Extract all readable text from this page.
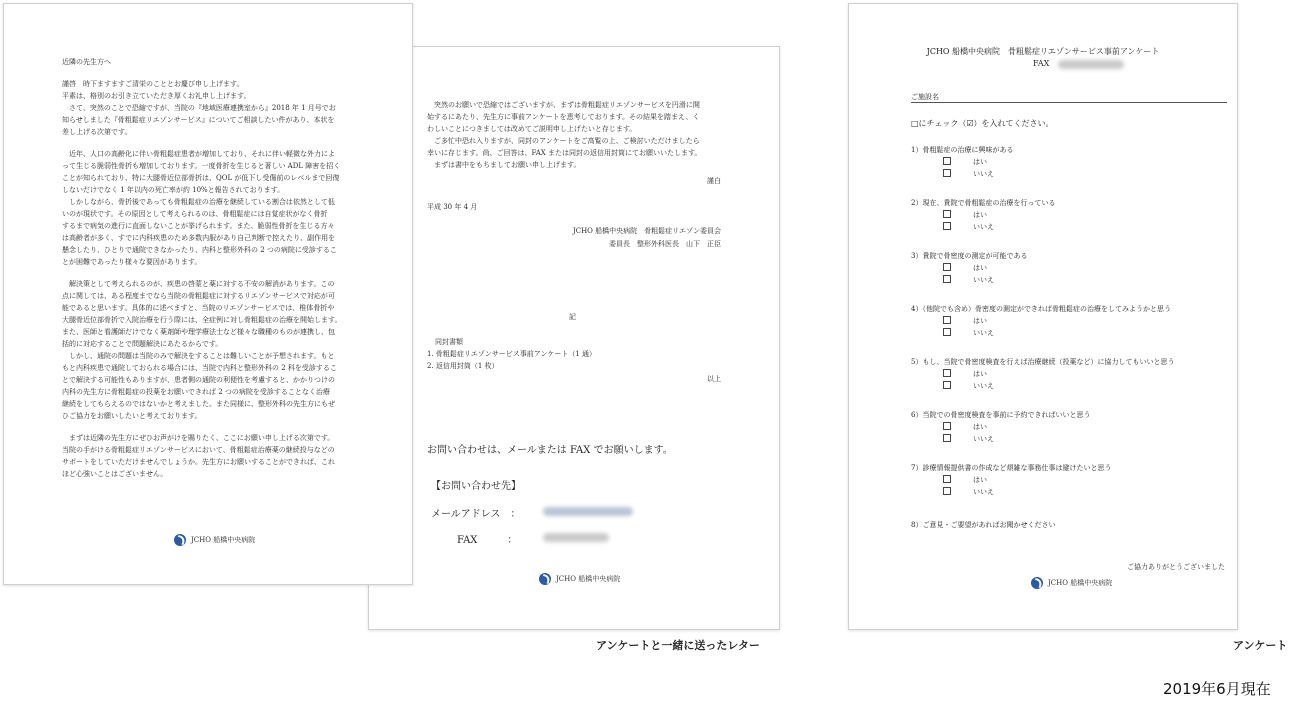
　突然のお願いで恐縮ではございますが、まずは骨粗鬆症リエゾンサービスを円滑に開

始するにあたり、先生方に事前アンケートを恵考しております。その結果を踏まえ、く

わしいことにつきましては改めてご説明申し上げたいと存じます。

　ご多忙中恐れ入りますが、同封のアンケートをご高覧の上、ご検討いただけましたら

幸いに存じます。尚、ご回答は、FAX または同封の返信用封筒にてお願いいたします。

　まずは書中をもちましてお願い申し上げます。

謹白

平成 30 年 4 月

JCHO 船橋中央病院　骨粗鬆症リエゾン委員会

委員長　整形外科医長　山下　正臣

記

同封書類

1. 骨粗鬆症リエゾンサービス事前アンケート（1 通）

2. 返信用封筒（1 枚）

以上

お問い合わせは、メールまたは FAX でお願いします。

【お問い合わせ先】

メールアドレス　：

FAX　　　：

JCHO 船橋中央病院

近隣の先生方へ

謹啓　時下ますますご清栄のこととお慶び申し上げます。

平素は、格別のお引き立ていただき厚くお礼申し上げます。

　さて、突然のことで恐縮ですが、当院の『地域医療連携室から』2018 年 1 月号でお

知らせしました『骨粗鬆症リエゾンサービス』についてご相談したい件があり、本状を

差し上げる次第です。

　近年、人口の高齢化に伴い骨粗鬆症患者が増加しており、それに伴い軽微な外力によ

って生じる脆弱性骨折も増加しております。一度骨折を生じると著しい ADL 障害を招く

ことが知られており、特に大腿骨近位部骨折は、QOL が低下し受傷前のレベルまで回復

しないだけでなく 1 年以内の死亡率が約 10%と報告されております。

　しかしながら、骨折後であっても骨粗鬆症の治療を継続している割合は依然として低

いのが現状です。その原因として考えられるのは、骨粗鬆症には自覚症状がなく骨折

するまで病気の進行に直面しないことが挙げられます。また、脆弱性骨折を生じる方々

は高齢者が多く、すでに内科疾患のため多数内服があり自己判断で控えたり、副作用を

懸念したり、ひとりで通院できなかったり、内科と整形外科の 2 つの病院に受診するこ

とが困難であったり様々な要因があります。

　解決策として考えられるのが、疾患の啓蒙と薬に対する不安の解消があります。この

点に関しては、ある程度までなら当院の骨粗鬆症に対するリエゾンサービスで対応が可

能であると思います。具体的に述べますと、当院のリエゾンサービスでは、椎体骨折や

大腿骨近位部骨折で入院治療を行う際には、全症例に対し骨粗鬆症の治療を開始します。

また、医師と看護師だけでなく薬剤師や理学療法士など様々な職種のものが連携し、包

括的に対応することで問題解決にあたるからです。

　しかし、通院の問題は当院のみで解決をすることは難しいことが予想されます。もと

もと内科疾患で通院しておられる場合には、当院で内科と整形外科の 2 科を受診するこ

とで解決する可能性もありますが、患者側の通院の利便性を考慮すると、かかりつけの

内科の先生方に骨粗鬆症の投薬をお願いできれば 2 つの病院を受診することなく治療

継続をしてもらえるのではないかと考えました。また同様に、整形外科の先生方にもぜ

ひご協力をお願いしたいと考えております。

　まずは近隣の先生方にぜひお声がけを賜りたく、ここにお願い申し上げる次第です。

当院の手がける骨粗鬆症リエゾンサービスにおいて、骨粗鬆症治療薬の継続投与などの

サポートをしていただけませんでしょうか。先生方にお願いすることができれば、これ

ほど心強いことはございません。

JCHO 船橋中央病院

JCHO 船橋中央病院　骨粗鬆症リエゾンサービス事前アンケート

FAX

ご施設名

□にチェック（☑）を入れてください。

1）骨粗鬆症の治療に興味がある

はい

いいえ

2）現在、貴院で骨粗鬆症の治療を行っている

はい

いいえ

3）貴院で骨密度の測定が可能である

はい

いいえ

4）（他院でも含め）骨密度の測定ができれば骨粗鬆症の治療をしてみようかと思う

はい

いいえ

5）もし、当院で骨密度検査を行えば治療継続（投薬など）に協力してもいいと思う

はい

いいえ

6）当院での骨密度検査を事前に予約できればいいと思う

はい

いいえ

7）診療情報提供書の作成など煩雑な事務仕事は避けたいと思う

はい

いいえ

8）ご意見・ご要望があればお聞かせください

ご協力ありがとうございました

JCHO 船橋中央病院
アンケートと一緒に送ったレター	アンケート
2019年6月現在
